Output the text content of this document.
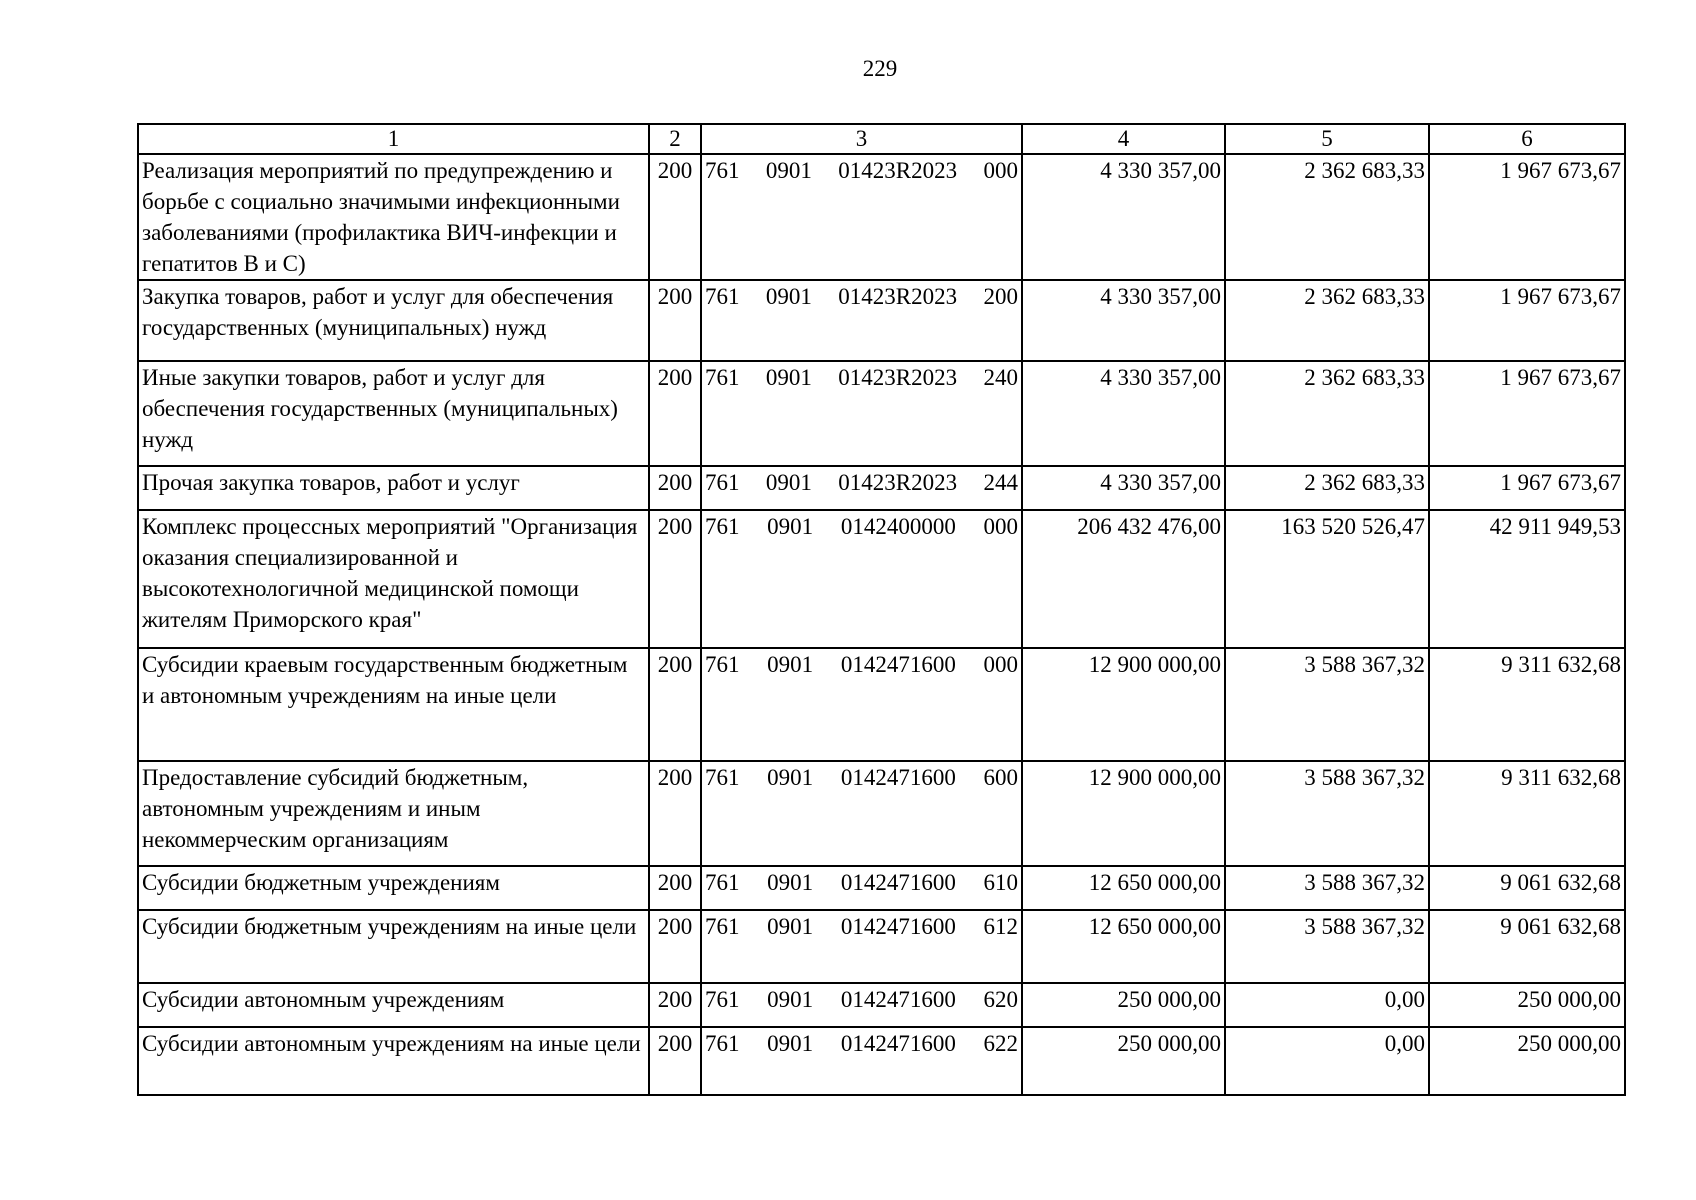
229
1	2	3	4	5	6
Реализация мероприятий по предупреждению и борьбе с социально значимыми инфекционными заболеваниями (профилактика ВИЧ-инфекции и гепатитов В и С)	200	761 0901 01423R2023 000	4 330 357,00	2 362 683,33	1 967 673,67
Закупка товаров, работ и услуг для обеспечения государственных (муниципальных) нужд	200	761 0901 01423R2023 200	4 330 357,00	2 362 683,33	1 967 673,67
Иные закупки товаров, работ и услуг для обеспечения государственных (муниципальных) нужд	200	761 0901 01423R2023 240	4 330 357,00	2 362 683,33	1 967 673,67
Прочая закупка товаров, работ и услуг	200	761 0901 01423R2023 244	4 330 357,00	2 362 683,33	1 967 673,67
Комплекс процессных мероприятий "Организация оказания специализированной и высокотехнологичной медицинской помощи жителям Приморского края"	200	761 0901 0142400000 000	206 432 476,00	163 520 526,47	42 911 949,53
Субсидии краевым государственным бюджетным и автономным учреждениям на иные цели	200	761 0901 0142471600 000	12 900 000,00	3 588 367,32	9 311 632,68
Предоставление субсидий бюджетным, автономным учреждениям и иным некоммерческим организациям	200	761 0901 0142471600 600	12 900 000,00	3 588 367,32	9 311 632,68
Субсидии бюджетным учреждениям	200	761 0901 0142471600 610	12 650 000,00	3 588 367,32	9 061 632,68
Субсидии бюджетным учреждениям на иные цели	200	761 0901 0142471600 612	12 650 000,00	3 588 367,32	9 061 632,68
Субсидии автономным учреждениям	200	761 0901 0142471600 620	250 000,00	0,00	250 000,00
Субсидии автономным учреждениям на иные цели	200	761 0901 0142471600 622	250 000,00	0,00	250 000,00
